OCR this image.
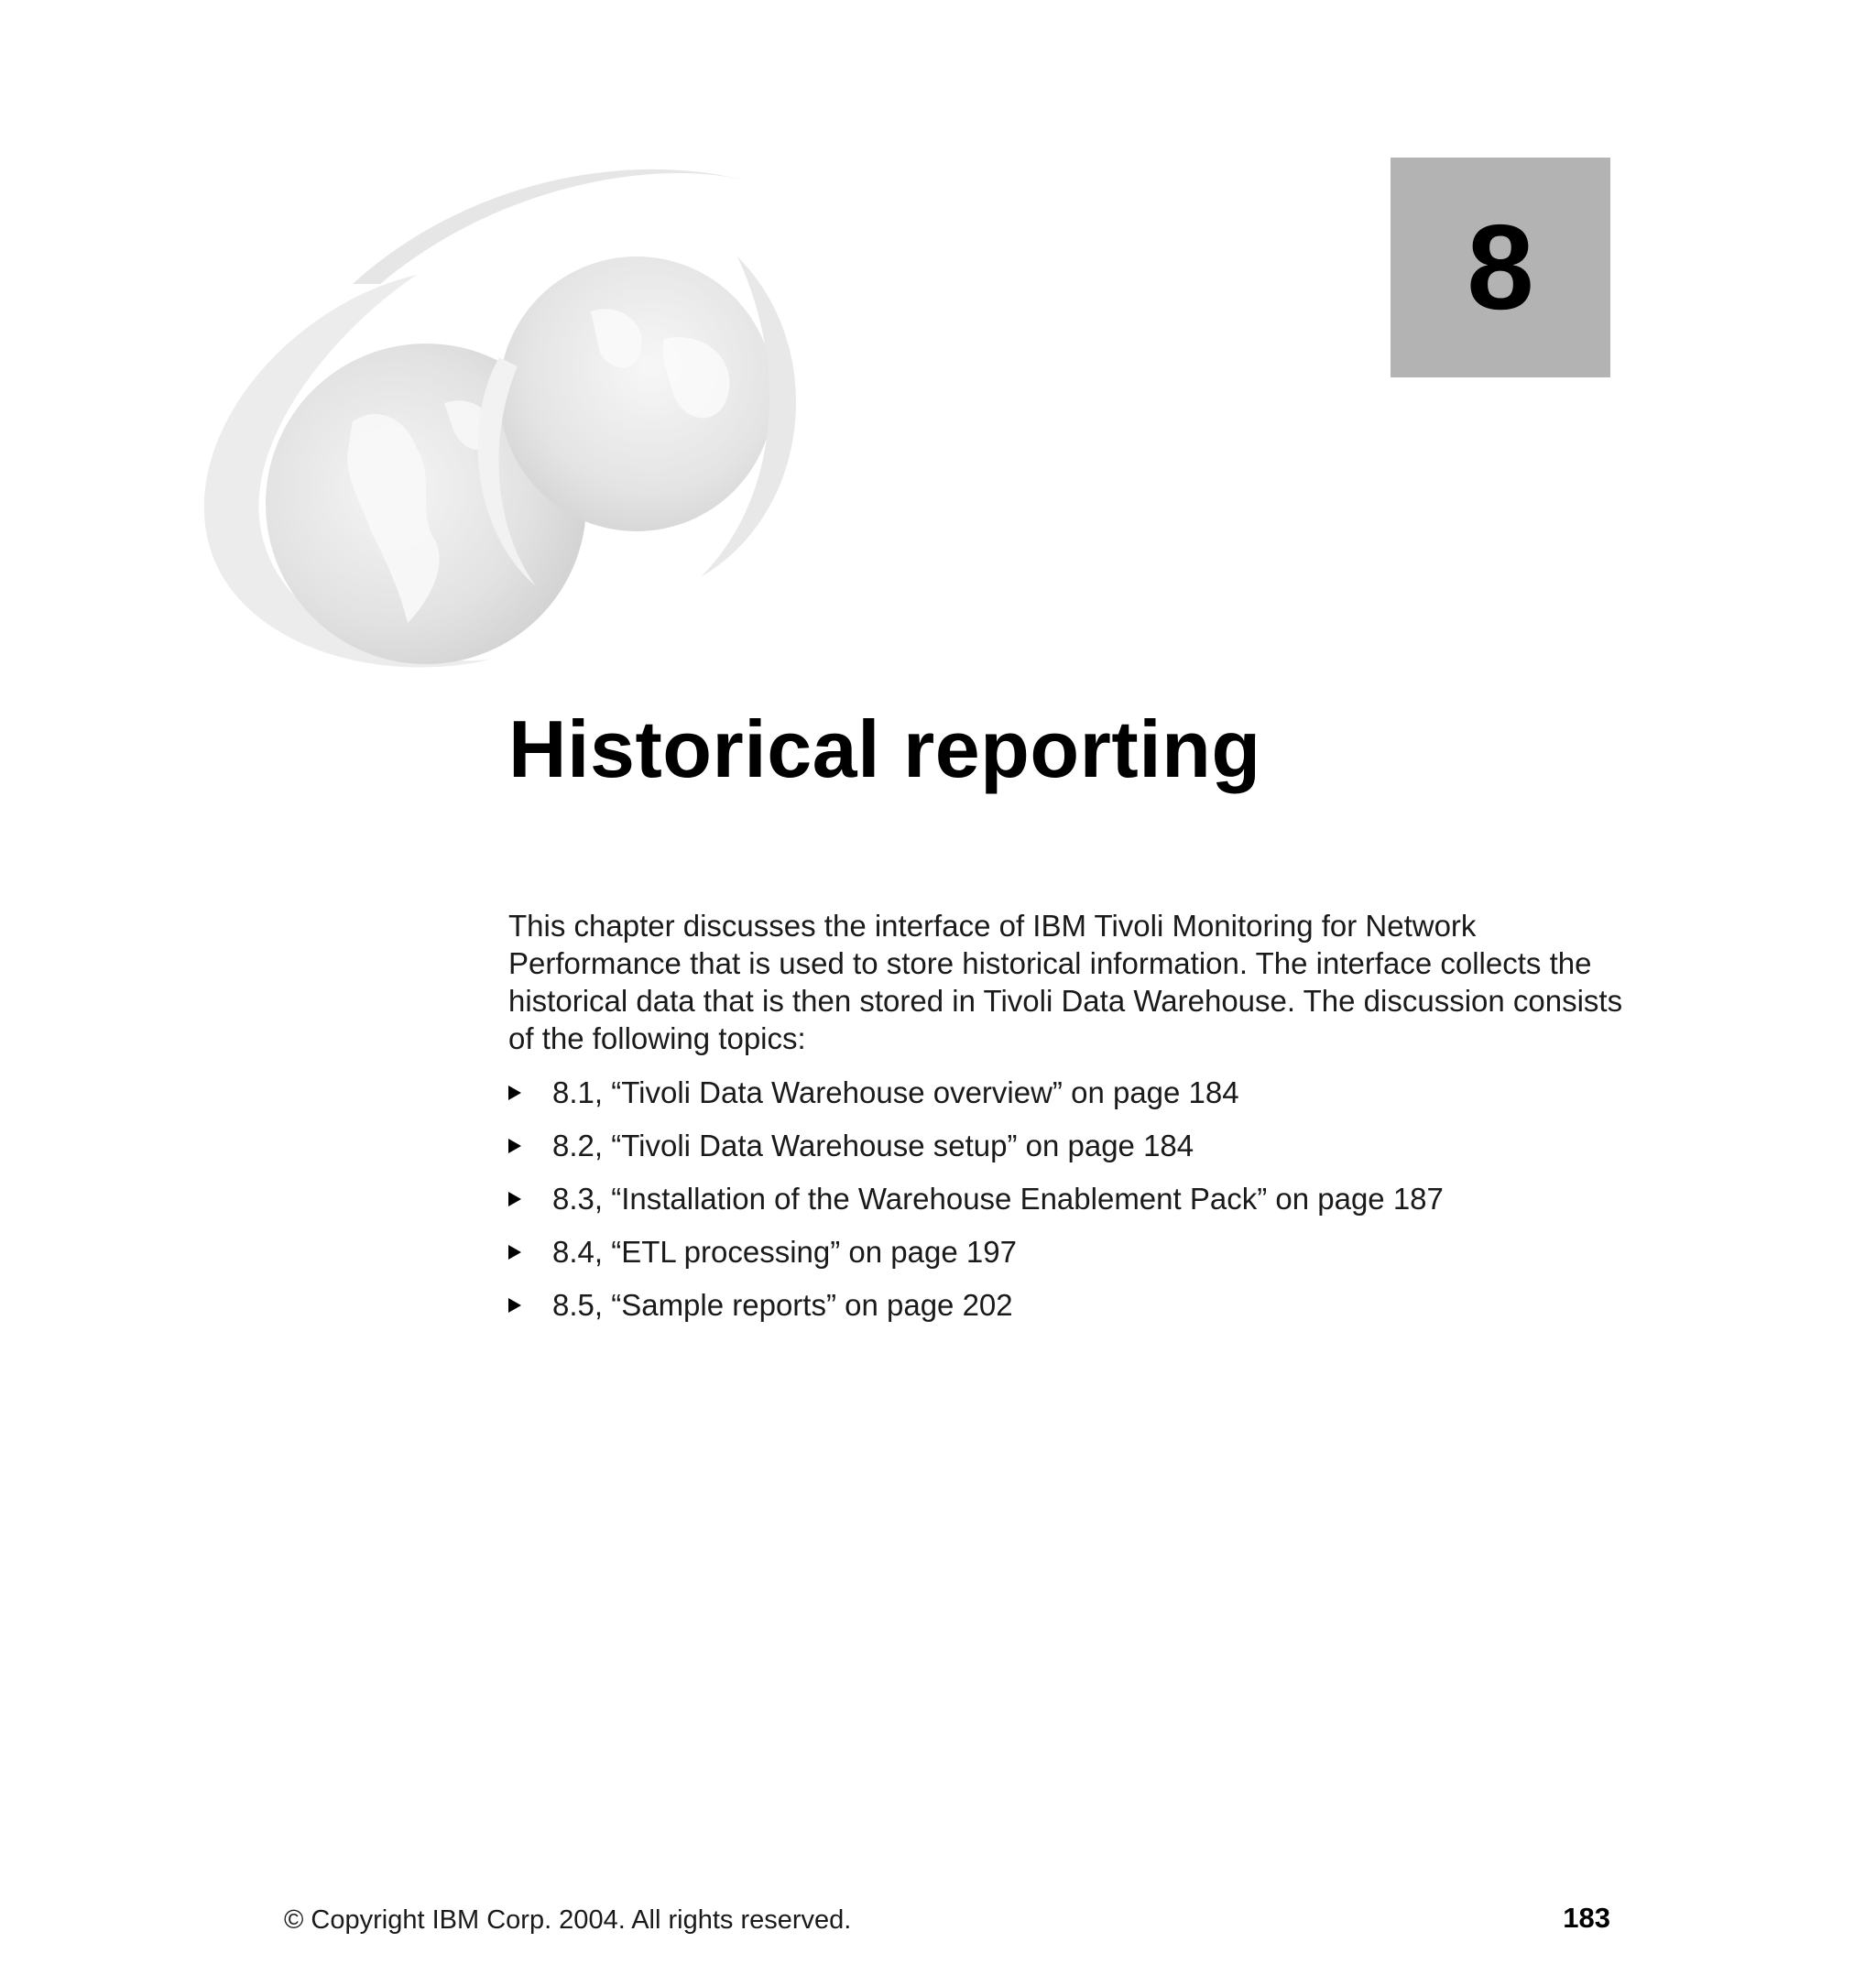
8
Historical reporting

This chapter discusses the interface of IBM Tivoli Monitoring for Network Performance that is used to store historical information. The interface collects the historical data that is then stored in Tivoli Data Warehouse. The discussion consists of the following topics:

8.1, “Tivoli Data Warehouse overview” on page 184
8.2, “Tivoli Data Warehouse setup” on page 184
8.3, “Installation of the Warehouse Enablement Pack” on page 187
8.4, “ETL processing” on page 197
8.5, “Sample reports” on page 202
© Copyright IBM Corp. 2004. All rights reserved.	183
